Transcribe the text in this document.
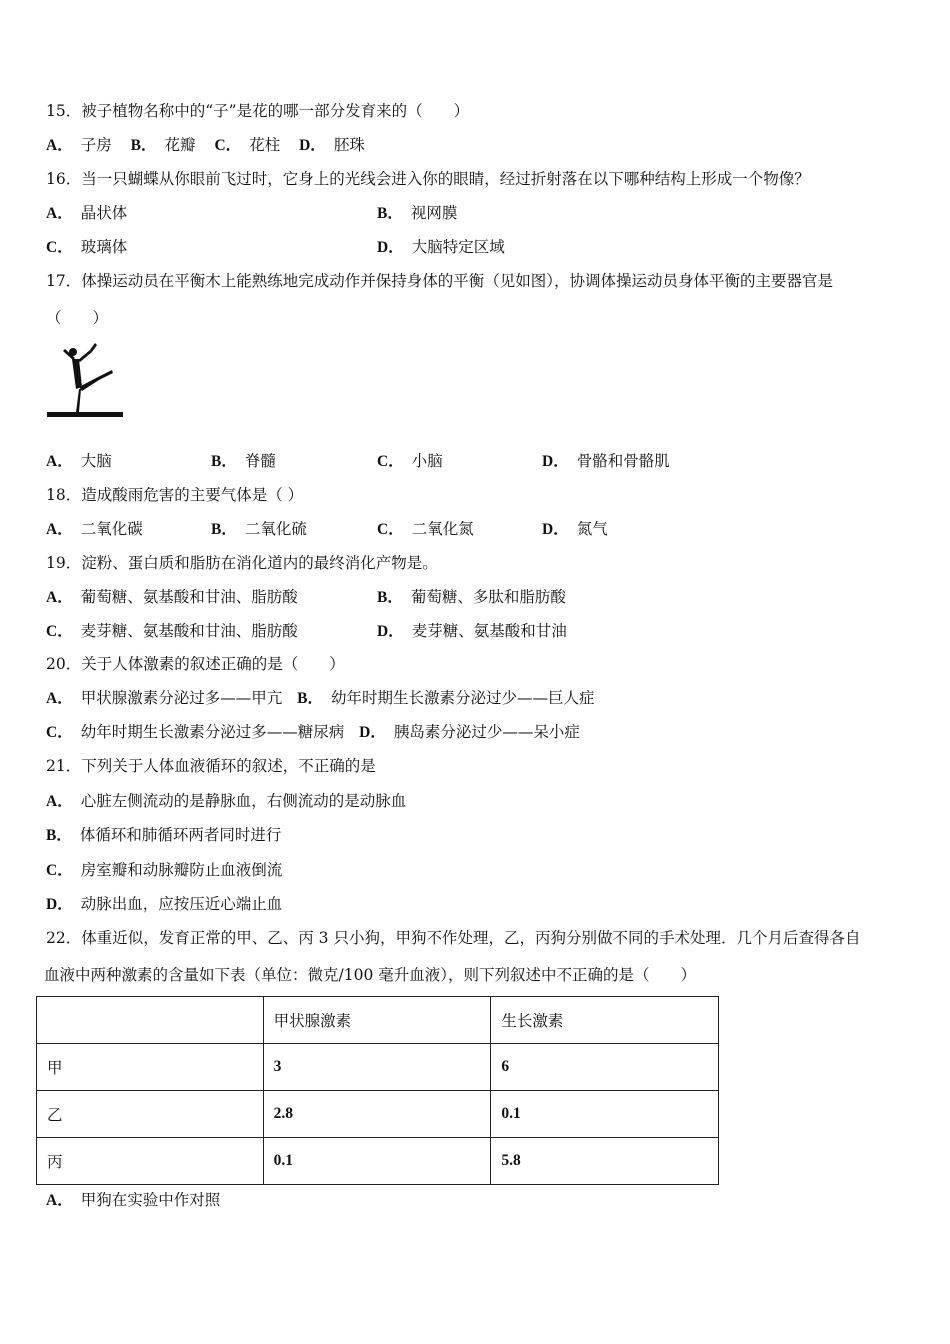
15．被子植物名称中的“子”是花的哪一部分发育来的（　　）
A． 子房 B． 花瓣 C． 花柱 D． 胚珠
16．当一只蝴蝶从你眼前飞过时，它身上的光线会进入你的眼睛，经过折射落在以下哪种结构上形成一个物像？
A． 晶状体	B． 视网膜
C． 玻璃体	D． 大脑特定区域
17．体操运动员在平衡木上能熟练地完成动作并保持身体的平衡（见如图），协调体操运动员身体平衡的主要器官是
（　　）
A． 大脑	B． 脊髓	C． 小脑	D． 骨骼和骨骼肌
18．造成酸雨危害的主要气体是（ ）
A． 二氧化碳	B． 二氧化硫	C． 二氧化氮	D． 氮气
19．淀粉、蛋白质和脂肪在消化道内的最终消化产物是。
A． 葡萄糖、氨基酸和甘油、脂肪酸	B． 葡萄糖、多肽和脂肪酸
C． 麦芽糖、氨基酸和甘油、脂肪酸	D． 麦芽糖、氨基酸和甘油
20．关于人体激素的叙述正确的是（　　）
A． 甲状腺激素分泌过多——甲亢 B． 幼年时期生长激素分泌过少——巨人症
C． 幼年时期生长激素分泌过多——糖尿病 D． 胰岛素分泌过少——呆小症
21．下列关于人体血液循环的叙述，不正确的是
A． 心脏左侧流动的是静脉血，右侧流动的是动脉血
B． 体循环和肺循环两者同时进行
C． 房室瓣和动脉瓣防止血液倒流
D． 动脉出血，应按压近心端止血
22．体重近似，发育正常的甲、乙、丙 3 只小狗，甲狗不作处理，乙，丙狗分别做不同的手术处理．几个月后查得各自
血液中两种激素的含量如下表（单位：微克/100 毫升血液），则下列叙述中不正确的是（　　）
	甲状腺激素	生长激素
甲	3	6
乙	2.8	0.1
丙	0.1	5.8
A． 甲狗在实验中作对照
